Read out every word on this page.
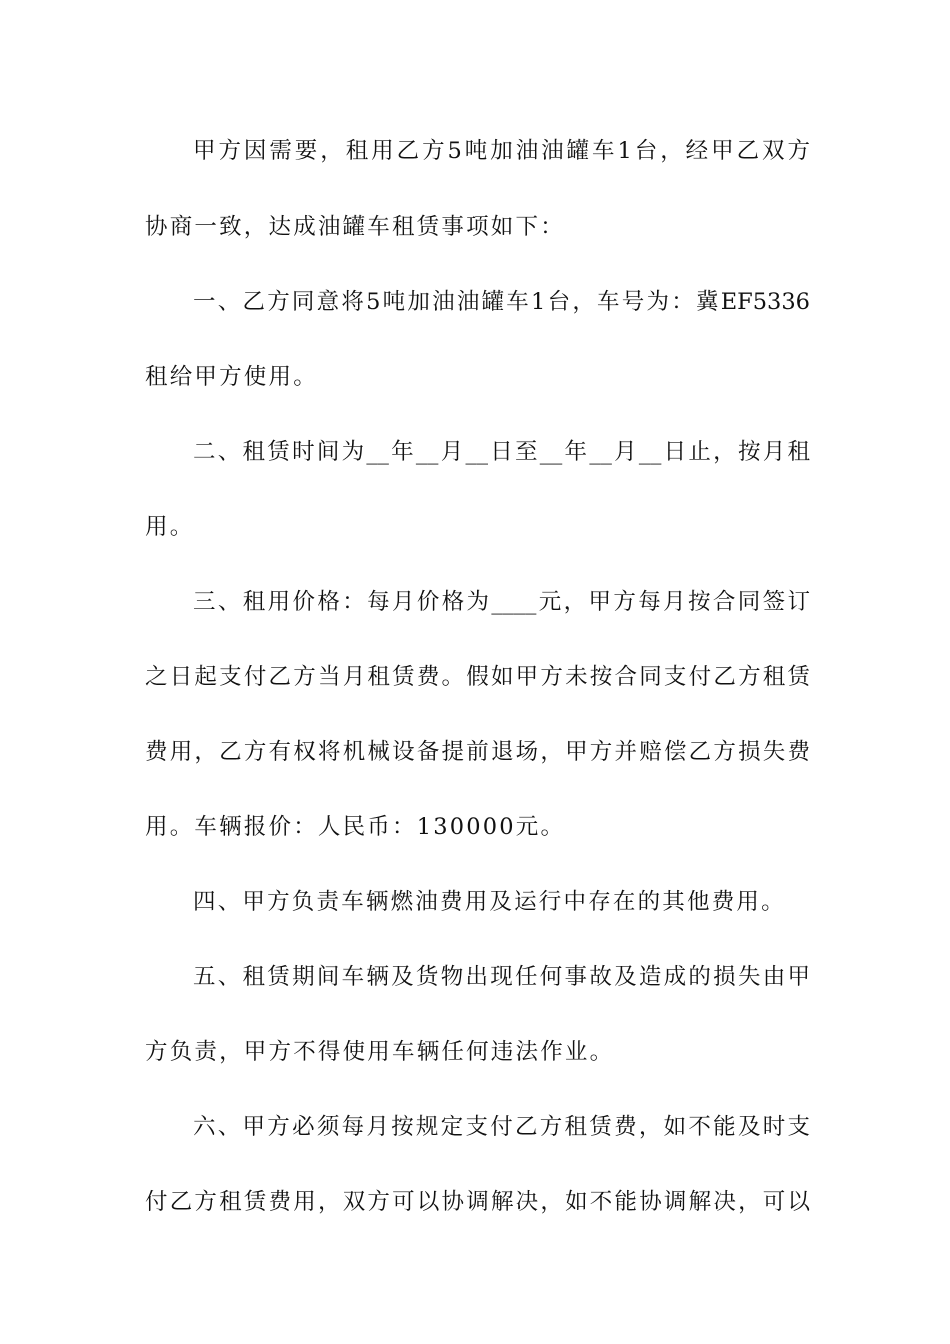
甲方因需要，租用乙方5吨加油油罐车1台，经甲乙双方
协商一致，达成油罐车租赁事项如下：
一、乙方同意将5吨加油油罐车1台，车号为：冀EF5336
租给甲方使用。
二、租赁时间为__年__月__日至__年__月__日止，按月租
用。
三、租用价格：每月价格为____元，甲方每月按合同签订
之日起支付乙方当月租赁费。假如甲方未按合同支付乙方租赁
费用，乙方有权将机械设备提前退场，甲方并赔偿乙方损失费
用。车辆报价：人民币：130000元。
四、甲方负责车辆燃油费用及运行中存在的其他费用。
五、租赁期间车辆及货物出现任何事故及造成的损失由甲
方负责，甲方不得使用车辆任何违法作业。
六、甲方必须每月按规定支付乙方租赁费，如不能及时支
付乙方租赁费用，双方可以协调解决，如不能协调解决，可以
